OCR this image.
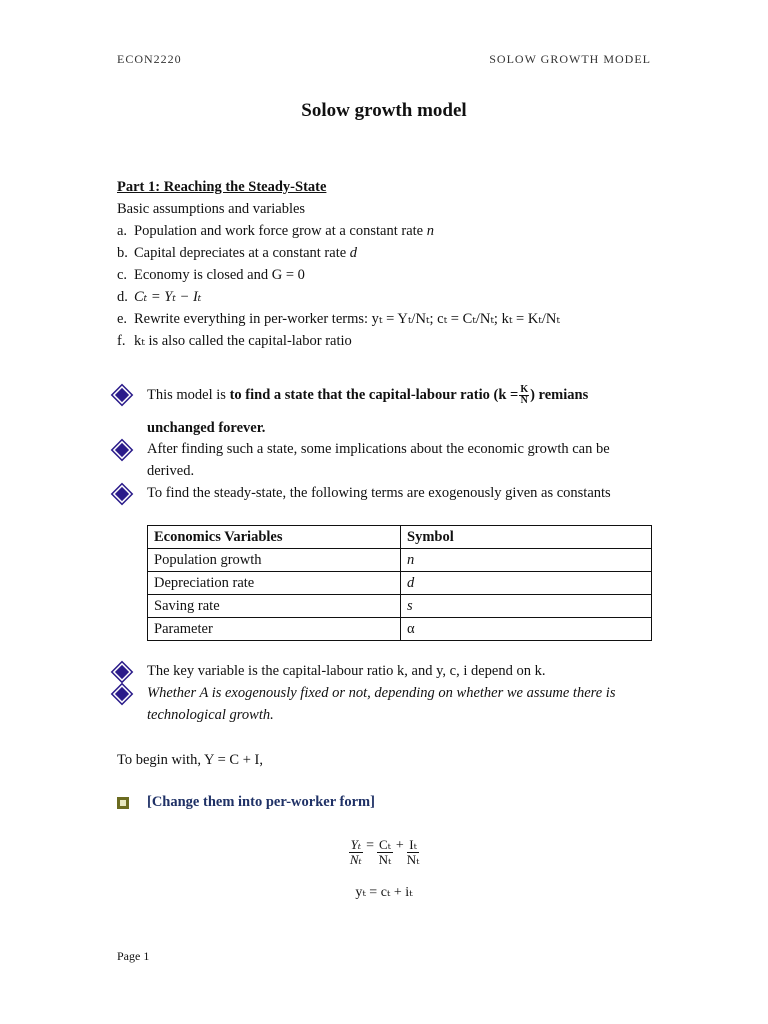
ECON2220	SOLOW GROWTH MODEL
Solow growth model
Part 1: Reaching the Steady-State
Basic assumptions and variables
a. Population and work force grow at a constant rate n
b. Capital depreciates at a constant rate d
c. Economy is closed and G = 0
d. Cₜ = Yₜ − Iₜ
e. Rewrite everything in per-worker terms: yₜ = Yₜ/Nₜ; cₜ = Cₜ/Nₜ; kₜ = Kₜ/Nₜ
f. kₜ is also called the capital-labor ratio
This model is to find a state that the capital-labour ratio ($k = \frac{K}{N}$ ) remians
unchanged forever.
After finding such a state, some implications about the economic growth can be derived.
To find the steady-state, the following terms are exogenously given as constants
Economics Variables	Symbol
Population growth	n
Depreciation rate	d
Saving rate	s
Parameter	α
The key variable is the capital-labour ratio k, and y, c, i depend on k.
Whether A is exogenously fixed or not, depending on whether we assume there is technological growth.
To begin with, Y = C + I,
[Change them into per-worker form]
$\frac{\text{Yₜ}}{\text{Nₜ}} = \frac{\text{Cₜ}}{\text{Nₜ}} + \frac{\text{Iₜ}}{\text{Nₜ}}$
yₜ = cₜ + iₜ
Page 1
